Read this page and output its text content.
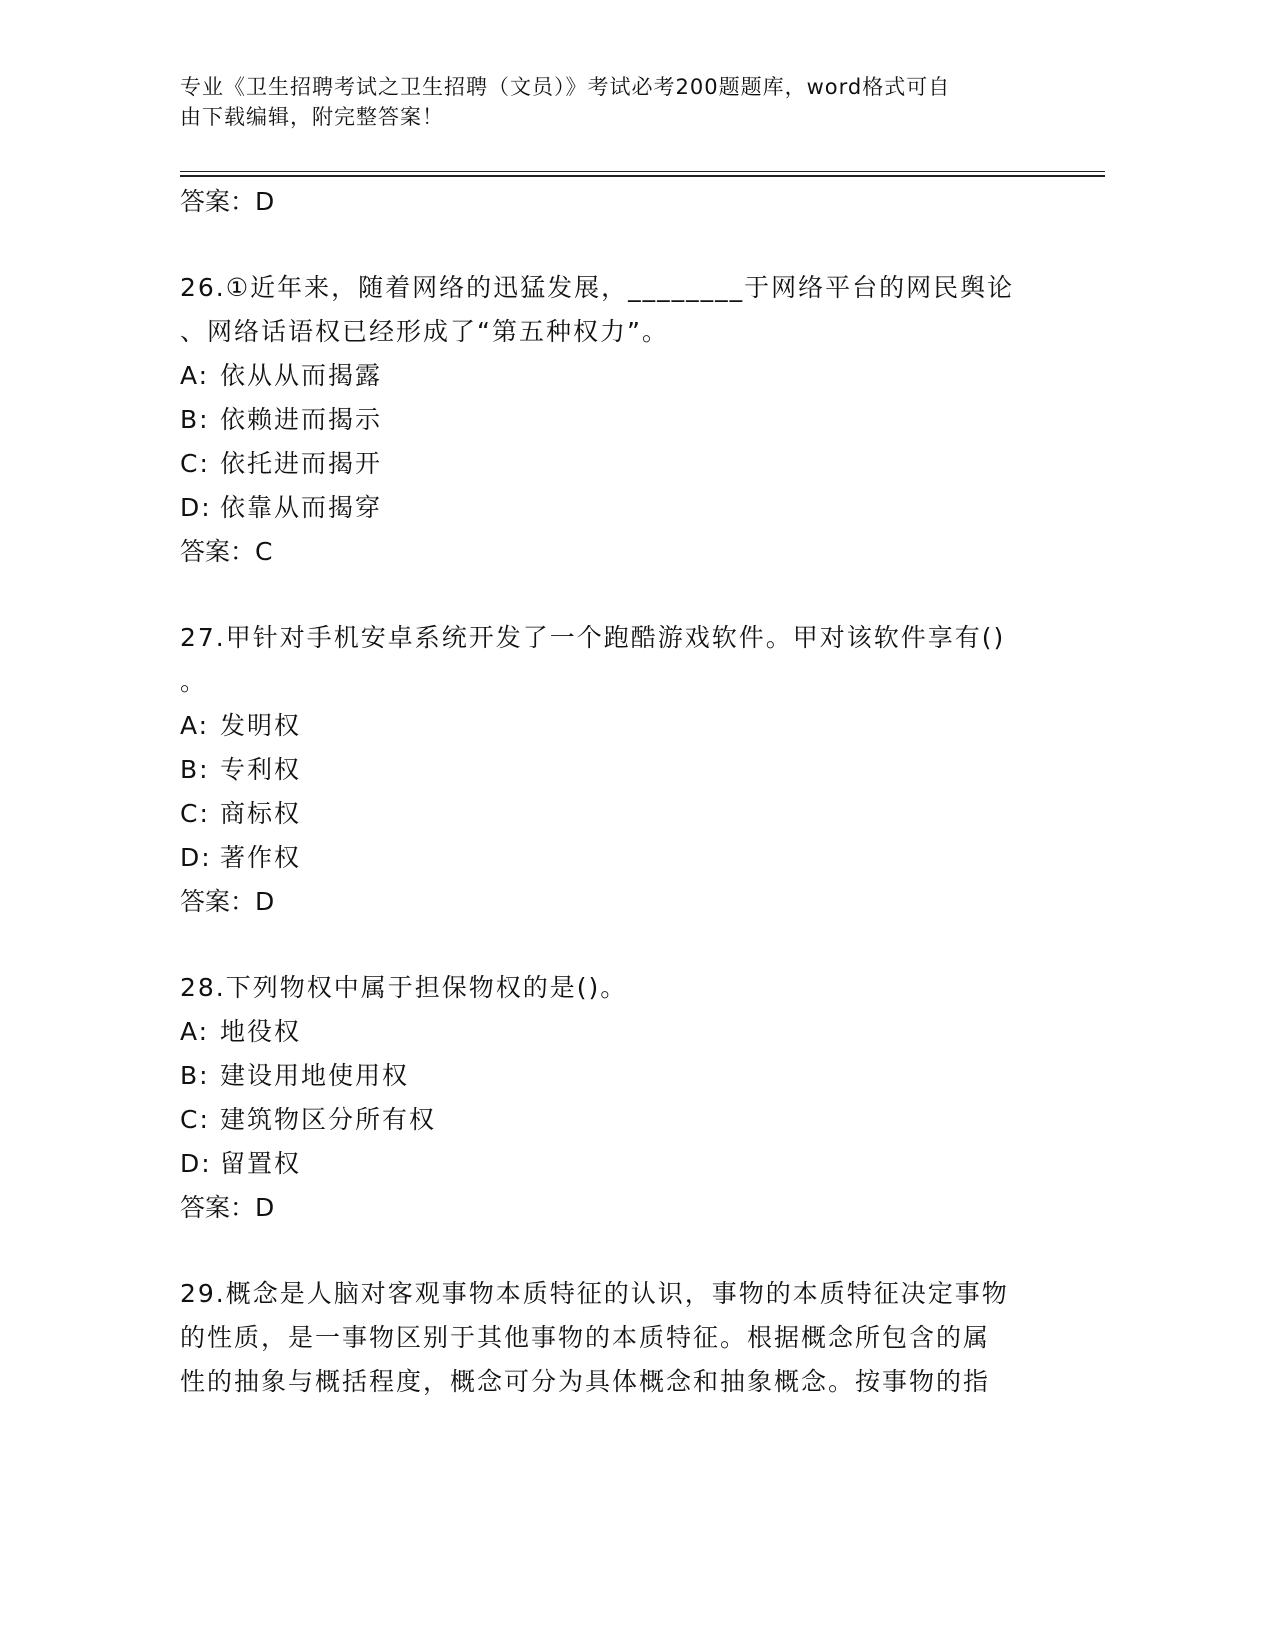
专业《卫生招聘考试之卫生招聘（文员）》考试必考200题题库，word格式可自
由下载编辑，附完整答案！
答案：D
26.①近年来，随着网络的迅猛发展，________于网络平台的网民舆论
、网络话语权已经形成了“第五种权力”。
A: 依从从而揭露
B: 依赖进而揭示
C: 依托进而揭开
D: 依靠从而揭穿
答案：C
27.甲针对手机安卓系统开发了一个跑酷游戏软件。甲对该软件享有()
。
A: 发明权
B: 专利权
C: 商标权
D: 著作权
答案：D
28.下列物权中属于担保物权的是()。
A: 地役权
B: 建设用地使用权
C: 建筑物区分所有权
D: 留置权
答案：D
29.概念是人脑对客观事物本质特征的认识，事物的本质特征决定事物
的性质，是一事物区别于其他事物的本质特征。根据概念所包含的属
性的抽象与概括程度，概念可分为具体概念和抽象概念。按事物的指
